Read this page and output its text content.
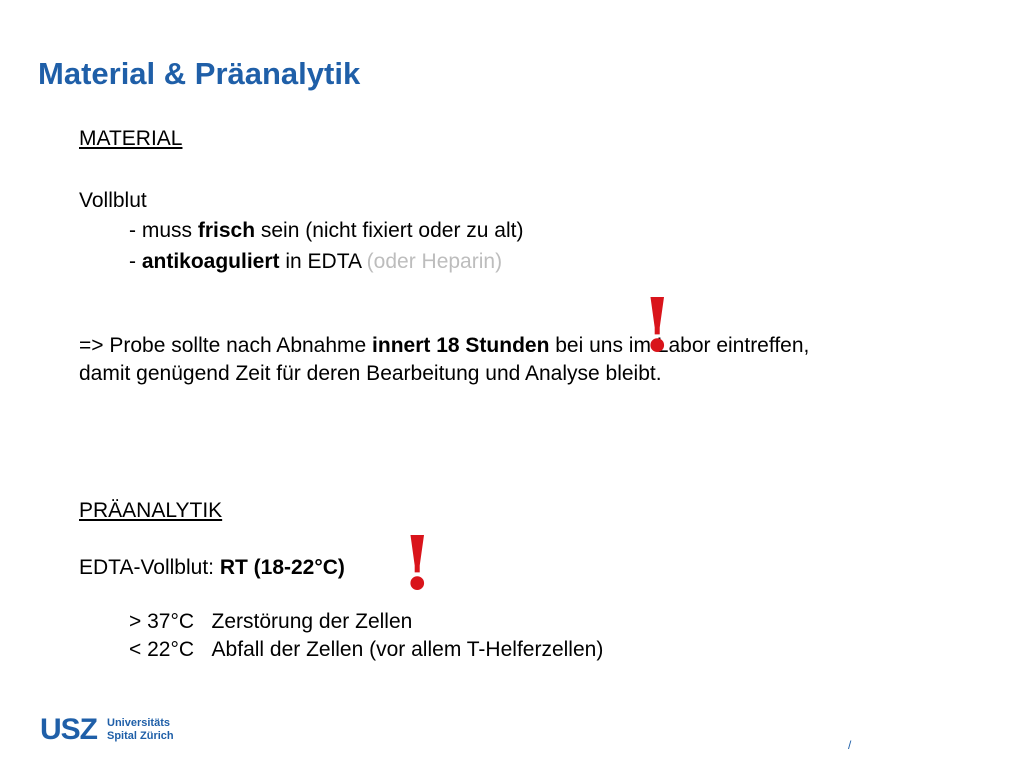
Material & Präanalytik
MATERIAL
Vollblut
- muss frisch sein (nicht fixiert oder zu alt)
- antikoaguliert in EDTA (oder Heparin)
=> Probe sollte nach Abnahme innert 18 Stunden bei uns im Labor eintreffen,
damit genügend Zeit für deren Bearbeitung und Analyse bleibt.
PRÄANALYTIK
EDTA-Vollblut: RT (18-22°C)
> 37°C Zerstörung der Zellen
< 22°C Abfall der Zellen (vor allem T-Helferzellen)
!
!
USZ Universitäts
Spital Zürich
/
